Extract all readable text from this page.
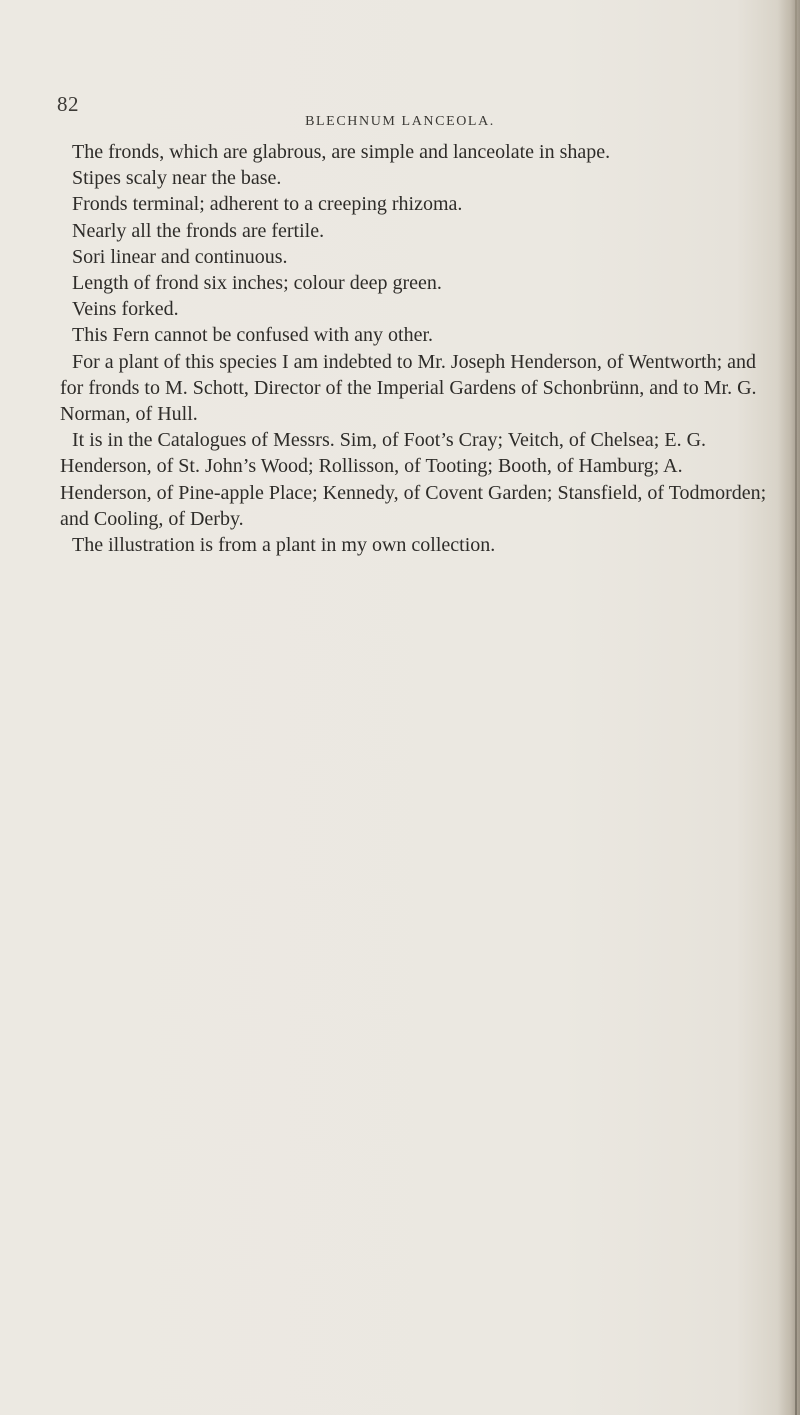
82
BLECHNUM LANCEOLA.

The fronds, which are glabrous, are simple and lanceolate in shape.

Stipes scaly near the base.

Fronds terminal; adherent to a creeping rhizoma.

Nearly all the fronds are fertile.

Sori linear and continuous.

Length of frond six inches; colour deep green.

Veins forked.

This Fern cannot be confused with any other.

For a plant of this species I am indebted to Mr. Joseph Henderson, of Wentworth; and for fronds to M. Schott, Director of the Imperial Gardens of Schonbrünn, and to Mr. G. Norman, of Hull.

It is in the Catalogues of Messrs. Sim, of Foot’s Cray; Veitch, of Chelsea; E. G. Henderson, of St. John’s Wood; Rollisson, of Tooting; Booth, of Hamburg; A. Henderson, of Pine-apple Place; Kennedy, of Covent Garden; Stansfield, of Todmorden; and Cooling, of Derby.

The illustration is from a plant in my own collection.
